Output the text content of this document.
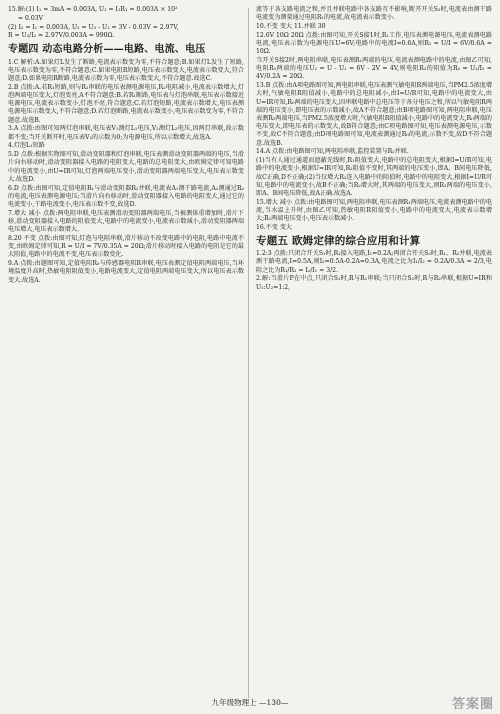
15.解:(1) I₁ = 3mA = 0.003A, U₁ = I₁R₁ = 0.003A × 10²

= 0.03V

(2) I₂ = I₁ = 0.003A, U₂ = U₃ - U₁ = 3V - 0.03V = 2.97V,

R = U₂/I₂ = 2.97V/0.003A = 990Ω.

专题四 动态电路分析——电路、电流、电压

1.C 解析:A.如果灯L发生了断路,电流表示数变为零,不符合题意;B.如果灯L发生了短路,电压表示数变为零,不符合题意;C.如果电阻R短路,电压表示数变大,电流表示数变大,符合题意;D.如果电阻R断路,电流表示数为零,电压表示数变大,不符合题意.故选C.

2.B 点拨:A.若R₁短路,则与R₂串联的电压表测电源电压,R₂电阻减小,电流表示数增大,灯泡两端电压变大,灯泡变亮,A不符合题意;B.若R₁断路,电压表与灯泡串联,电压表示数接近电源电压,电流表示数变小,灯泡不亮,符合题意;C.若灯泡短路,电流表示数增大,电压表测电源电压示数变大,不符合题意;D.若灯泡断路,电流表示数变小,电压表示数变为零,不符合题意.故选B.

3.A 点拨:由图可知两灯泡串联,电压表V₁测灯L₁电压,V₂测灯L₂电压,因两灯串联,故示数都不变;当开关断开时,电压表V₂的示数为0;为电源电压,所以示数增大,故选A.

4.灯泡L₁短路

5.D 点拨:根据实物图可知,滑动变阻器和灯泡串联,电压表测滑动变阻器两端的电压,当滑片向右移动时,滑动变阻器接入电路的电阻变大,电路的总电阻变大,由欧姆定律可知电路中的电流变小,由U=IR可知,灯泡两端电压变小,滑动变阻器两端电压变大,电压表示数变大.故选D.

6.D 点拨:由图可知,定值电阻R₁与滑动变阻器R₂并联,电流表A₁测干路电流,A₂测通过R₂的电流,电压表测电源电压;当滑片向右移动时,滑动变阻器接入电路的电阻变大,通过它的电流变小,干路电流变小,电压表示数不变,故选D.

7.增大 减小 点拨:两电阻串联,电压表测滑动变阻器两端电压,当被测体重增加时,滑片下移,滑动变阻器接入电路的阻值变大,电路中的电流变小,电流表示数减小,滑动变阻器两端电压增大,电压表示数增大.

8.20 不变 点拨:由图可知,灯泡与电阻串联,滑片移动不改变电路中的电阻,电路中电流不变,由欧姆定律可知,R = U/I = 7V/0.35A = 20Ω;滑片移动时接入电路的电阻是它的最大阻值,电路中的电流不变,电压表示数变化.

9.A 点拨:由题图可知,定值电阻R₀与传感器电阻R串联,电压表测定值电阻两端电压,当环境温度升高时,热敏电阻阻值变小,电路电流变大,定值电阻两端电压变大,所以电压表示数变大.故选A.

流等于各支路电流之和,并且并联电路中各支路互不影响,断开开关S₂时,电流表由测干路电流变为测量通过电阻R₁的电流,故电流表示数变小.

10.不变 变大 11.并联 30

12.6V 10Ω 20Ω 点拨:由图可知,开关S接1时,R₁工作,电压表测电源电压,电流表测电路电流,电压表示数为电源电压U=6V;电路中的电流I=0.6A,则R₁ = U/I = 6V/0.6A = 10Ω.

当开关S接2时,两电阻串联,电压表测R₁两端的电压,电流表测电路中的电流,由图乙可知,电阻R₂两端的电压U₂ = U - U₁ = 6V - 2V = 4V,则电阻R₂的阻值为R₂ = U₂/I₂ = 4V/0.2A = 20Ω.

13.B 点拨:由A项电路图可知,两电阻串联,电压表测气敏电阻R两端电压,当PM2.5浓度增大时,气敏电阻R阻值减小,电路中的总电阻减小,由I=U/R可知,电路中的电流变大,由U=IR可知,R₀两端的电压变大,因串联电路中总电压等于各分电压之和,所以气敏电阻R两端的电压变小,即电压表的示数减小,故A不符合题意;由B项电路图可知,两电阻串联,电压表测R₀两端电压,当PM2.5浓度增大时,气敏电阻R阻值减小,电路中的电流变大,R₀两端的电压变大,即电压表的示数变大,故B符合题意;由C项电路图可知,电压表测电源电压,示数不变,故C不符合题意;由D项电路图可知,电流表测通过R₀的电流,示数不变,故D不符合题意.故选B.

14.A 点拨:由电路图可知,两电阻串联,监控装置与R₂并联.

(1)当有人通过通道而遮蔽光线时,R₁阻值变大,电路中的总电阻变大,根据I=U/R可知,电路中的电流变小,根据U=IR可知,R₂阻值不变时,其两端的电压变小,即A、B间电压降低,故C正确,D不正确;(2)当仅增大R₂连入电路中的阻值时,电路中的电阻变大,根据I=U/R可知,电路中的电流变小,故B不正确;当R₂增大时,其两端的电压变大,则R₁两端的电压变小,即A、B间电压降低,故A正确.故选A.

15.增大 减小 点拨:由电路图可知,两电阻串联,电压表测R₁两端电压,电流表测电路中的电流,当水温上升时,由图乙可知,热敏电阻R阻值变小,电路中的电流变大,电流表示数增大;R₁两端电压变小,电压表示数减小.

16.不变 变大

专题五 欧姆定律的综合应用和计算

1.2:3 点拨:只闭合开关S₁时,R₁接入电路,I₁=0.2A;再闭合开关S₂时,R₁、R₂并联,电流表测干路电流,I=0.5A,则I₂=0.5A-0.2A=0.3A,电流之比为I₁/I₂ = 0.2A/0.3A = 2/3,电阻之比为R₁/R₂ = I₂/I₁ = 3/2.

2.解:当滑片P在中点,只闭合S₁时,R与R₁串联;当只闭合S₂时,R与R₂串联,根据U=IR和U₁:U₂=1:2,

九年级物理上 —130—	答案圈
